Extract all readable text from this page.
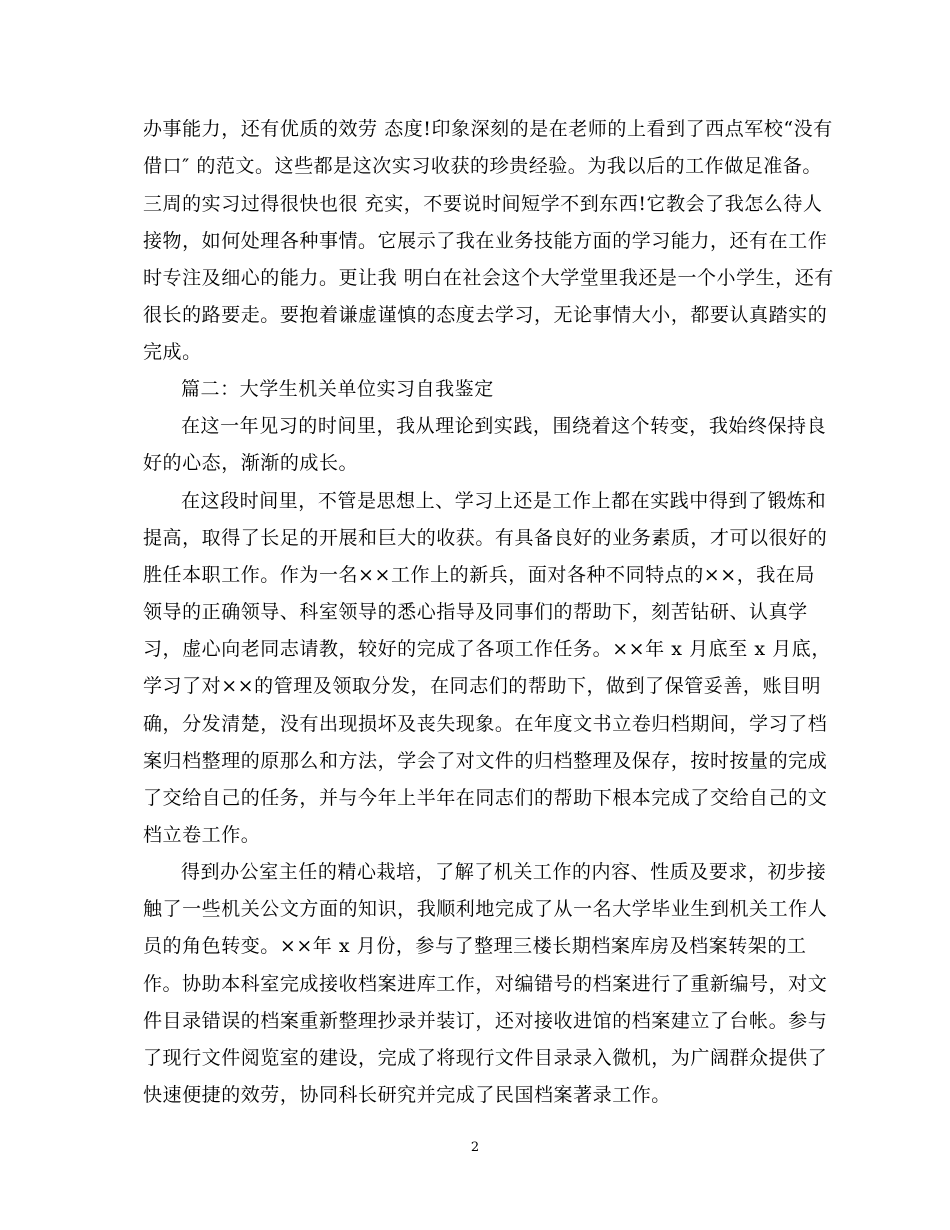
办事能力，还有优质的效劳 态度!印象深刻的是在老师的上看到了西点军校“没有
借口″ 的范文。这些都是这次实习收获的珍贵经验。为我以后的工作做足准备。
三周的实习过得很快也很 充实，不要说时间短学不到东西!它教会了我怎么待人
接物，如何处理各种事情。它展示了我在业务技能方面的学习能力，还有在工作
时专注及细心的能力。更让我 明白在社会这个大学堂里我还是一个小学生，还有
很长的路要走。要抱着谦虚谨慎的态度去学习，无论事情大小，都要认真踏实的
完成。
篇二：大学生机关单位实习自我鉴定
在这一年见习的时间里，我从理论到实践，围绕着这个转变，我始终保持良
好的心态，渐渐的成长。
在这段时间里，不管是思想上、学习上还是工作上都在实践中得到了锻炼和
提高，取得了长足的开展和巨大的收获。有具备良好的业务素质，才可以很好的
胜任本职工作。作为一名××工作上的新兵，面对各种不同特点的××，我在局
领导的正确领导、科室领导的悉心指导及同事们的帮助下，刻苦钻研、认真学
习，虚心向老同志请教，较好的完成了各项工作任务。××年 x 月底至 x 月底，
学习了对××的管理及领取分发，在同志们的帮助下，做到了保管妥善，账目明
确，分发清楚，没有出现损坏及丧失现象。在年度文书立卷归档期间，学习了档
案归档整理的原那么和方法，学会了对文件的归档整理及保存，按时按量的完成
了交给自己的任务，并与今年上半年在同志们的帮助下根本完成了交给自己的文
档立卷工作。
得到办公室主任的精心栽培，了解了机关工作的内容、性质及要求，初步接
触了一些机关公文方面的知识，我顺利地完成了从一名大学毕业生到机关工作人
员的角色转变。××年 x 月份，参与了整理三楼长期档案库房及档案转架的工
作。协助本科室完成接收档案进库工作，对编错号的档案进行了重新编号，对文
件目录错误的档案重新整理抄录并装订，还对接收进馆的档案建立了台帐。参与
了现行文件阅览室的建设，完成了将现行文件目录录入微机，为广阔群众提供了
快速便捷的效劳，协同科长研究并完成了民国档案著录工作。
2
